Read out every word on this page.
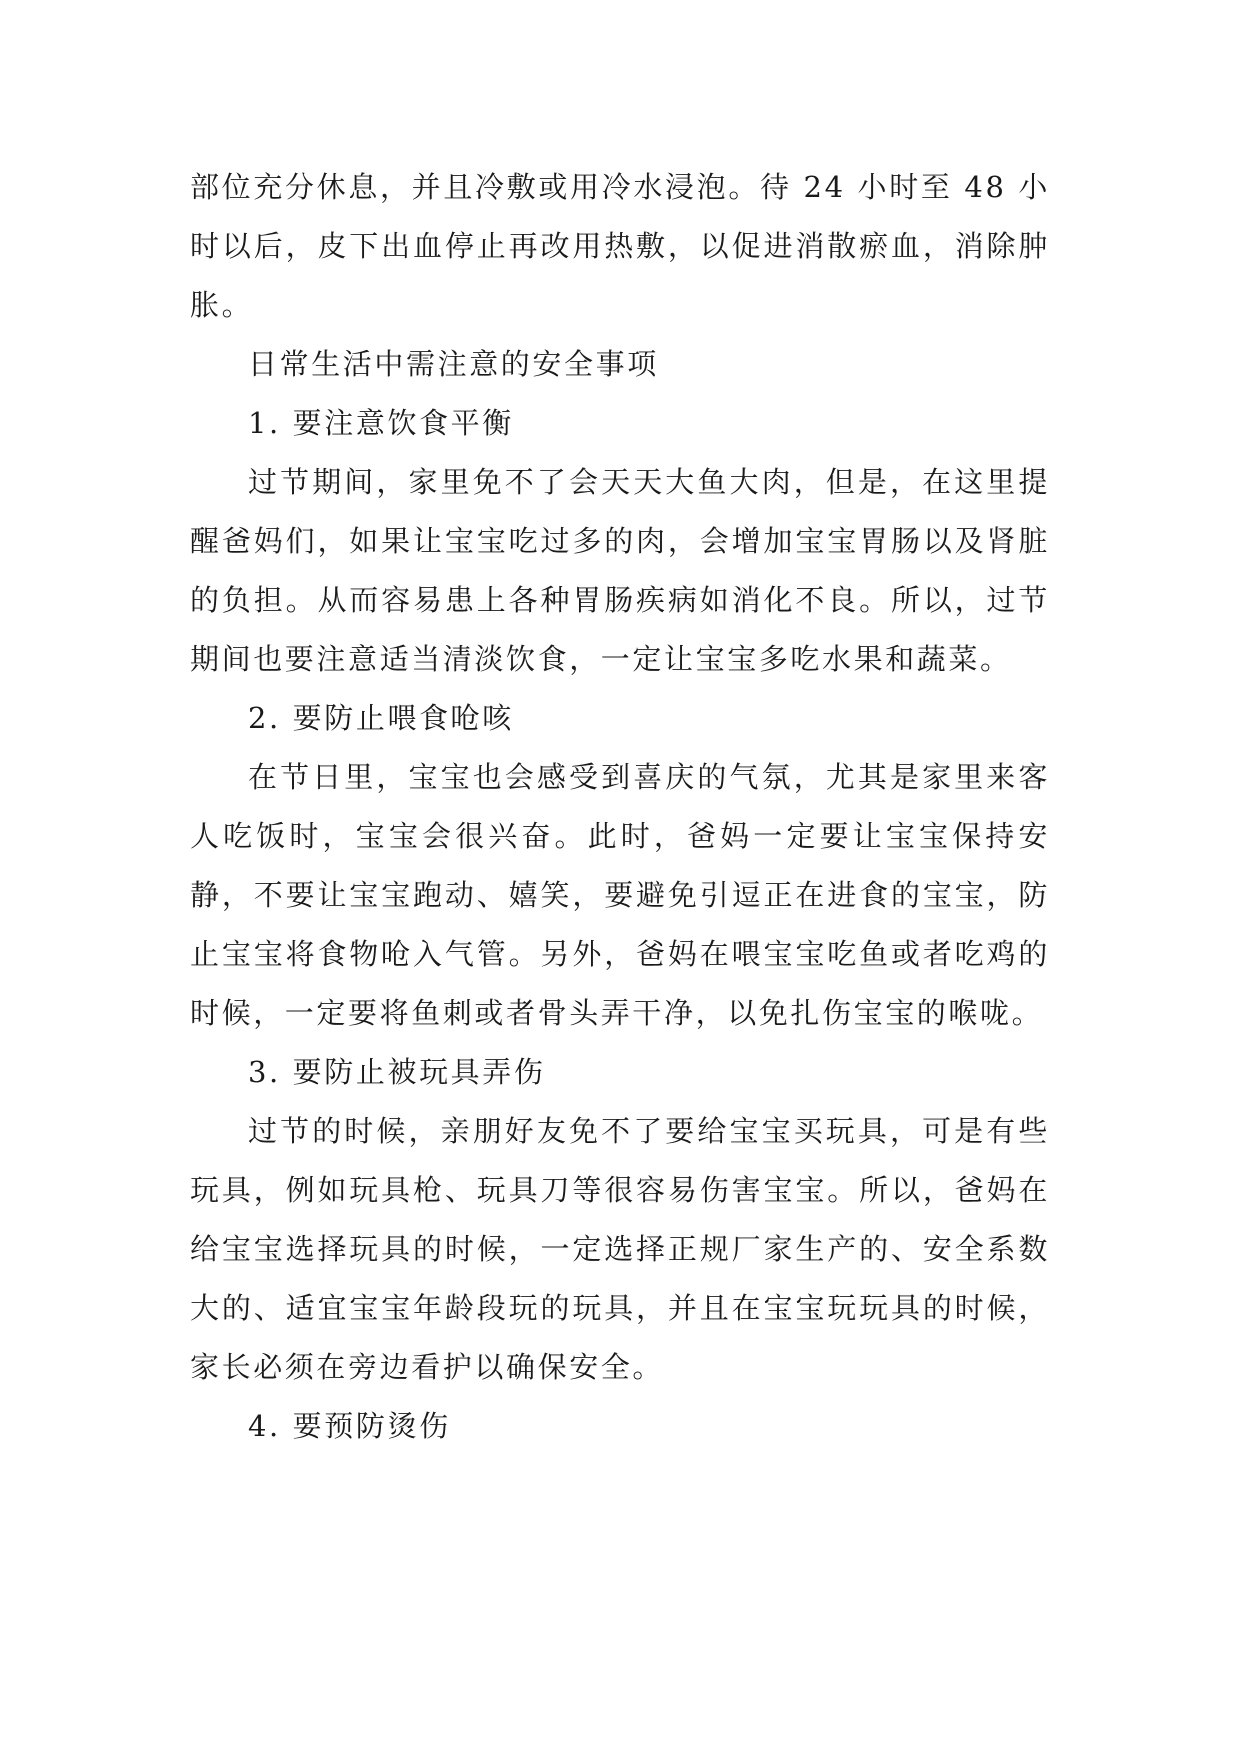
部位充分休息，并且冷敷或用冷水浸泡。待 24 小时至 48 小时以后，皮下出血停止再改用热敷，以促进消散瘀血，消除肿胀。

日常生活中需注意的安全事项

1. 要注意饮食平衡

过节期间，家里免不了会天天大鱼大肉，但是，在这里提醒爸妈们，如果让宝宝吃过多的肉，会增加宝宝胃肠以及肾脏的负担。从而容易患上各种胃肠疾病如消化不良。所以，过节期间也要注意适当清淡饮食，一定让宝宝多吃水果和蔬菜。

2. 要防止喂食呛咳

在节日里，宝宝也会感受到喜庆的气氛，尤其是家里来客人吃饭时，宝宝会很兴奋。此时，爸妈一定要让宝宝保持安静，不要让宝宝跑动、嬉笑，要避免引逗正在进食的宝宝，防止宝宝将食物呛入气管。另外，爸妈在喂宝宝吃鱼或者吃鸡的时候，一定要将鱼刺或者骨头弄干净，以免扎伤宝宝的喉咙。

3. 要防止被玩具弄伤

过节的时候，亲朋好友免不了要给宝宝买玩具，可是有些玩具，例如玩具枪、玩具刀等很容易伤害宝宝。所以，爸妈在给宝宝选择玩具的时候，一定选择正规厂家生产的、安全系数大的、适宜宝宝年龄段玩的玩具，并且在宝宝玩玩具的时候，家长必须在旁边看护以确保安全。

4. 要预防烫伤
